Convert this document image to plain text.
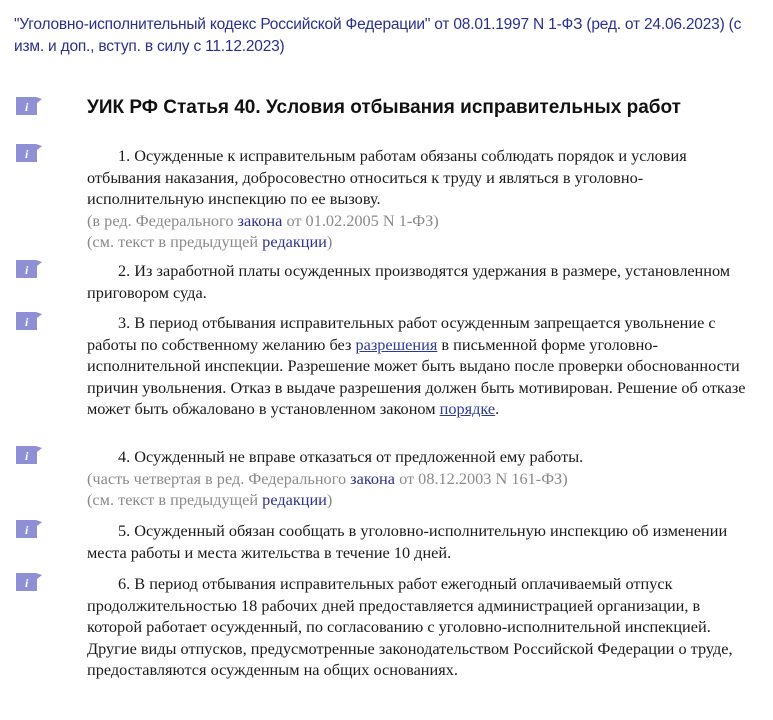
"Уголовно-исполнительный кодекс Российской Федерации" от 08.01.1997 N 1-ФЗ (ред. от 24.06.2023) (с изм. и доп., вступ. в силу с 11.12.2023)
i	УИК РФ Статья 40. Условия отбывания исправительных работ
i	1. Осужденные к исправительным работам обязаны соблюдать порядок и условия отбывания наказания, добросовестно относиться к труду и являться в уголовно-исполнительную инспекцию по ее вызову.

(в ред. Федерального закона от 01.02.2005 N 1-ФЗ)

(см. текст в предыдущей редакции)

i	2. Из заработной платы осужденных производятся удержания в размере, установленном приговором суда.

i	3. В период отбывания исправительных работ осужденным запрещается увольнение с работы по собственному желанию без разрешения в письменной форме уголовно-исполнительной инспекции. Разрешение может быть выдано после проверки обоснованности причин увольнения. Отказ в выдаче разрешения должен быть мотивирован. Решение об отказе может быть обжаловано в установленном законом порядке.

i	4. Осужденный не вправе отказаться от предложенной ему работы.

(часть четвертая в ред. Федерального закона от 08.12.2003 N 161-ФЗ)

(см. текст в предыдущей редакции)

i	5. Осужденный обязан сообщать в уголовно-исполнительную инспекцию об изменении места работы и места жительства в течение 10 дней.

i	6. В период отбывания исправительных работ ежегодный оплачиваемый отпуск продолжительностью 18 рабочих дней предоставляется администрацией организации, в которой работает осужденный, по согласованию с уголовно-исполнительной инспекцией. Другие виды отпусков, предусмотренные законодательством Российской Федерации о труде, предоставляются осужденным на общих основаниях.
